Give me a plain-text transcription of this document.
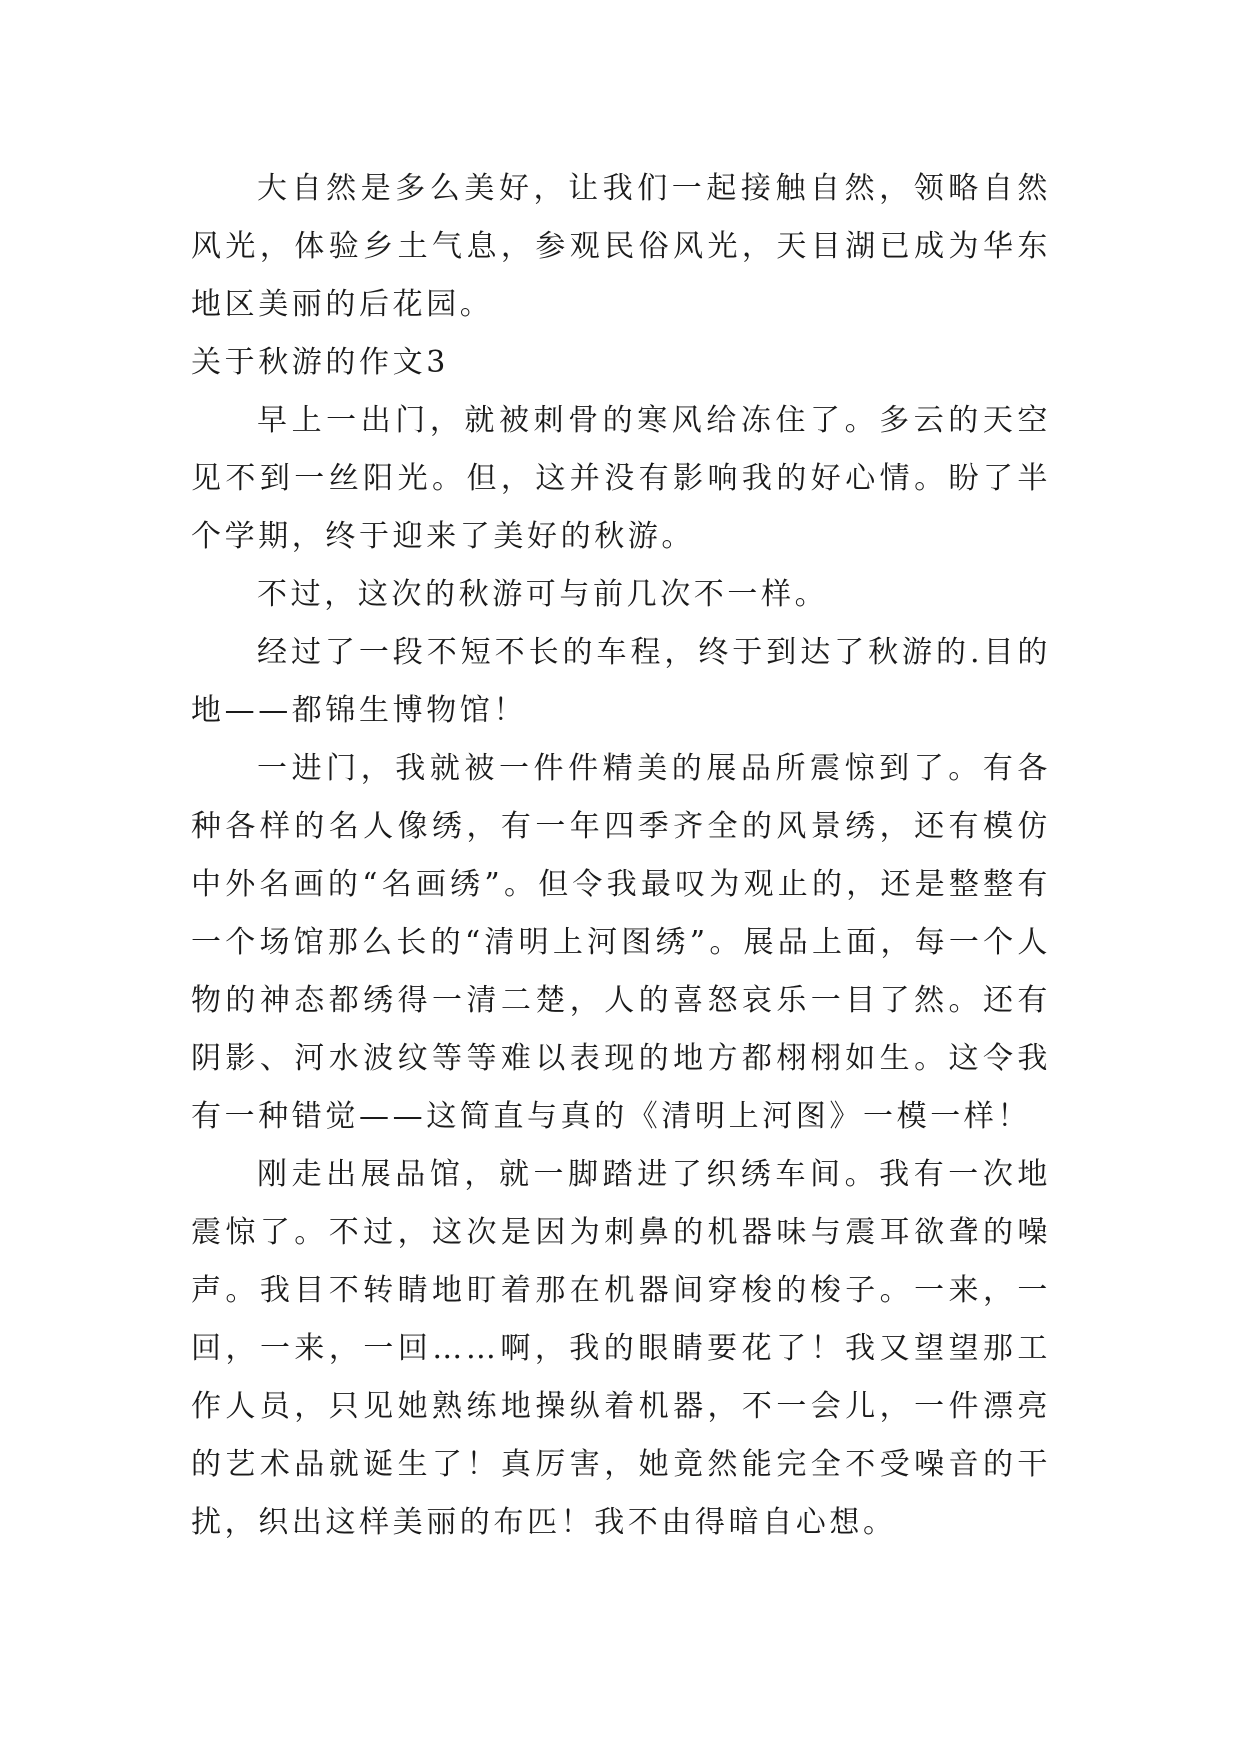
大自然是多么美好，让我们一起接触自然，领略自然风光，体验乡土气息，参观民俗风光，天目湖已成为华东地区美丽的后花园。

关于秋游的作文3

早上一出门，就被刺骨的寒风给冻住了。多云的天空见不到一丝阳光。但，这并没有影响我的好心情。盼了半个学期，终于迎来了美好的秋游。

不过，这次的秋游可与前几次不一样。

经过了一段不短不长的车程，终于到达了秋游的.目的地——都锦生博物馆！

一进门，我就被一件件精美的展品所震惊到了。有各种各样的名人像绣，有一年四季齐全的风景绣，还有模仿中外名画的“名画绣”。但令我最叹为观止的，还是整整有一个场馆那么长的“清明上河图绣”。展品上面，每一个人物的神态都绣得一清二楚，人的喜怒哀乐一目了然。还有阴影、河水波纹等等难以表现的地方都栩栩如生。这令我有一种错觉——这简直与真的《清明上河图》一模一样！

刚走出展品馆，就一脚踏进了织绣车间。我有一次地震惊了。不过，这次是因为刺鼻的机器味与震耳欲聋的噪声。我目不转睛地盯着那在机器间穿梭的梭子。一来，一回，一来，一回……啊，我的眼睛要花了！我又望望那工作人员，只见她熟练地操纵着机器，不一会儿，一件漂亮的艺术品就诞生了！真厉害，她竟然能完全不受噪音的干扰，织出这样美丽的布匹！我不由得暗自心想。
